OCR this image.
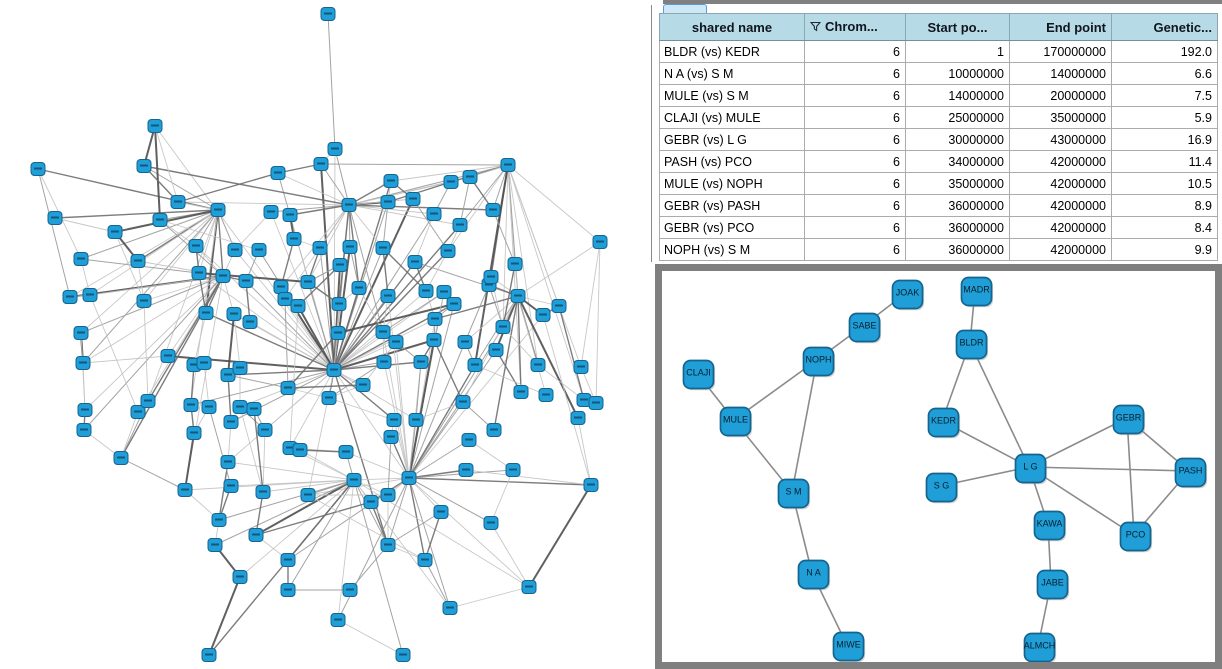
shared name	Chrom...	Start po...	End point	Genetic...
BLDR (vs) KEDR	6	1	170000000	192.0
N A (vs) S M	6	10000000	14000000	6.6
MULE (vs) S M	6	14000000	20000000	7.5
CLAJI (vs) MULE	6	25000000	35000000	5.9
GEBR (vs) L G	6	30000000	43000000	16.9
PASH (vs) PCO	6	34000000	42000000	11.4
MULE (vs) NOPH	6	35000000	42000000	10.5
GEBR (vs) PASH	6	36000000	42000000	8.9
GEBR (vs) PCO	6	36000000	42000000	8.4
NOPH (vs) S M	6	36000000	42000000	9.9
JOAK	MADR
SABE
BLDR
NOPH
CLAJI
MULE	KEDR	GEBR
L G
S G
PASH
S M
KAWA
PCO
N A
JABE
MIWE	ALMCH
